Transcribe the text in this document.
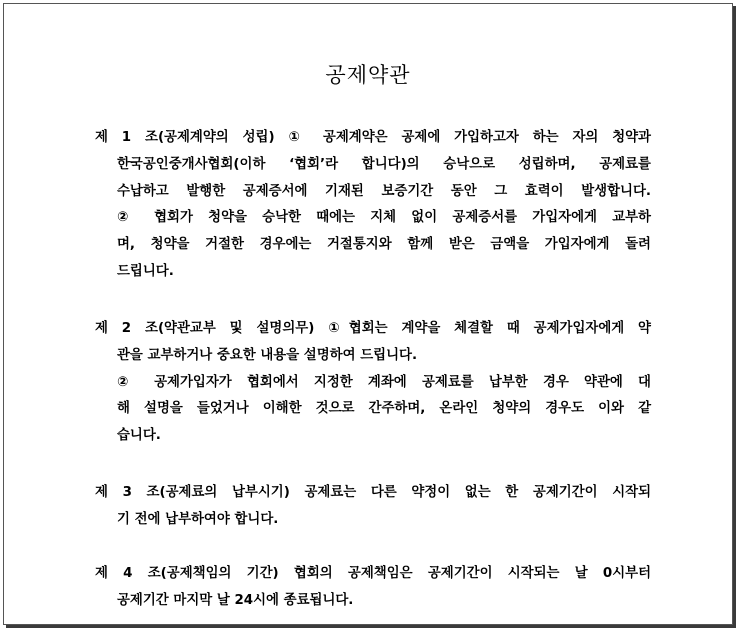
공제약관
제 1 조(공제계약의 성립) ① 공제계약은 공제에 가입하고자 하는 자의 청약과
한국공인중개사협회(이하 ‘협회’라 합니다)의 승낙으로 성립하며, 공제료를
수납하고 발행한 공제증서에 기재된 보증기간 동안 그 효력이 발생합니다.
② 협회가 청약을 승낙한 때에는 지체 없이 공제증서를 가입자에게 교부하
며, 청약을 거절한 경우에는 거절통지와 함께 받은 금액을 가입자에게 돌려
드립니다.
제 2 조(약관교부 및 설명의무) ①협회는 계약을 체결할 때 공제가입자에게 약
관을 교부하거나 중요한 내용을 설명하여 드립니다.
② 공제가입자가 협회에서 지정한 계좌에 공제료를 납부한 경우 약관에 대
해 설명을 들었거나 이해한 것으로 간주하며, 온라인 청약의 경우도 이와 같
습니다.
제 3 조(공제료의 납부시기) 공제료는 다른 약정이 없는 한 공제기간이 시작되
기 전에 납부하여야 합니다.
제 4 조(공제책임의 기간) 협회의 공제책임은 공제기간이 시작되는 날 0시부터
공제기간 마지막 날 24시에 종료됩니다.
